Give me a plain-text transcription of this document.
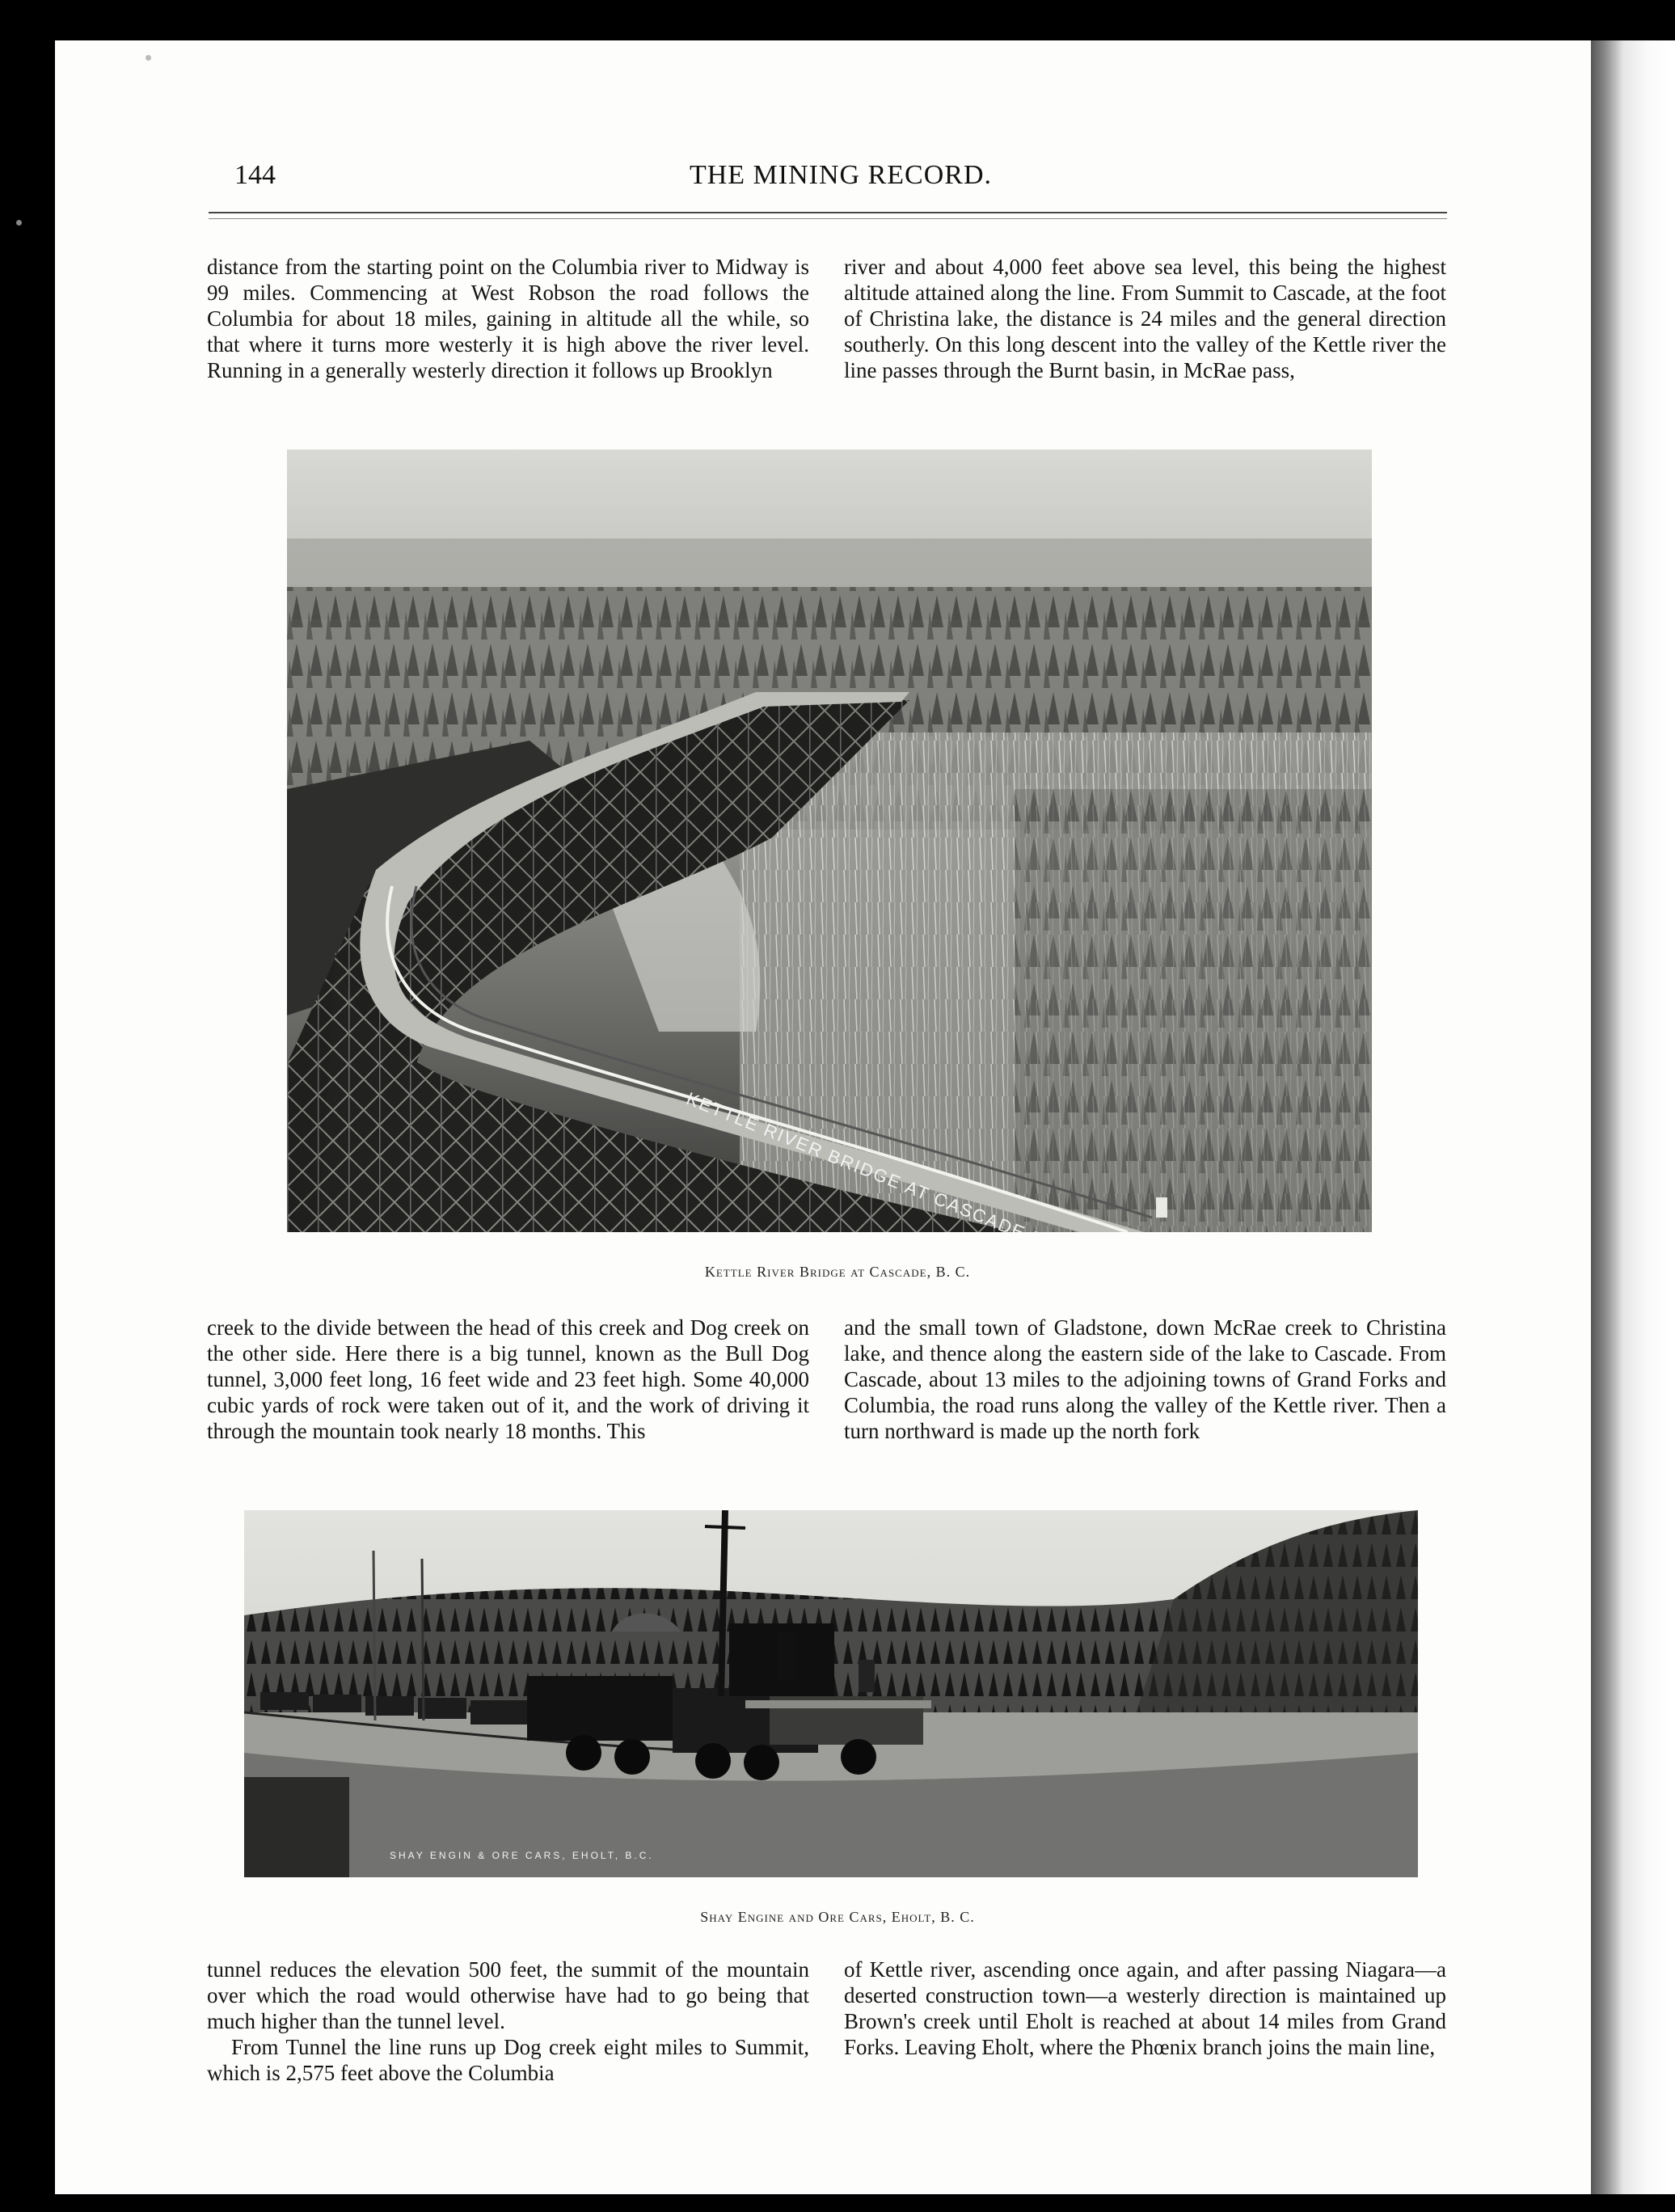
144	THE MINING RECORD.

distance from the starting point on the Columbia river to Midway is 99 miles. Commencing at West Robson the road follows the Columbia for about 18 miles, gaining in altitude all the while, so that where it turns more westerly it is high above the river level. Running in a generally westerly direction it follows up Brooklyn

river and about 4,000 feet above sea level, this being the highest altitude attained along the line. From Summit to Cascade, at the foot of Christina lake, the distance is 24 miles and the general direction southerly. On this long descent into the valley of the Kettle river the line passes through the Burnt basin, in McRae pass,

Kettle River Bridge at Cascade, B. C.

creek to the divide between the head of this creek and Dog creek on the other side. Here there is a big tunnel, known as the Bull Dog tunnel, 3,000 feet long, 16 feet wide and 23 feet high. Some 40,000 cubic yards of rock were taken out of it, and the work of driving it through the mountain took nearly 18 months. This

and the small town of Gladstone, down McRae creek to Christina lake, and thence along the eastern side of the lake to Cascade. From Cascade, about 13 miles to the adjoining towns of Grand Forks and Columbia, the road runs along the valley of the Kettle river. Then a turn northward is made up the north fork

SHAY ENGIN & ORE CARS, EHOLT, B.C.
Shay Engine and Ore Cars, Eholt, B. C.

tunnel reduces the elevation 500 feet, the summit of the mountain over which the road would otherwise have had to go being that much higher than the tunnel level.

From Tunnel the line runs up Dog creek eight miles to Summit, which is 2,575 feet above the Columbia

of Kettle river, ascending once again, and after passing Niagara—a deserted construction town—a westerly direction is maintained up Brown's creek until Eholt is reached at about 14 miles from Grand Forks. Leaving Eholt, where the Phœnix branch joins the main line,
